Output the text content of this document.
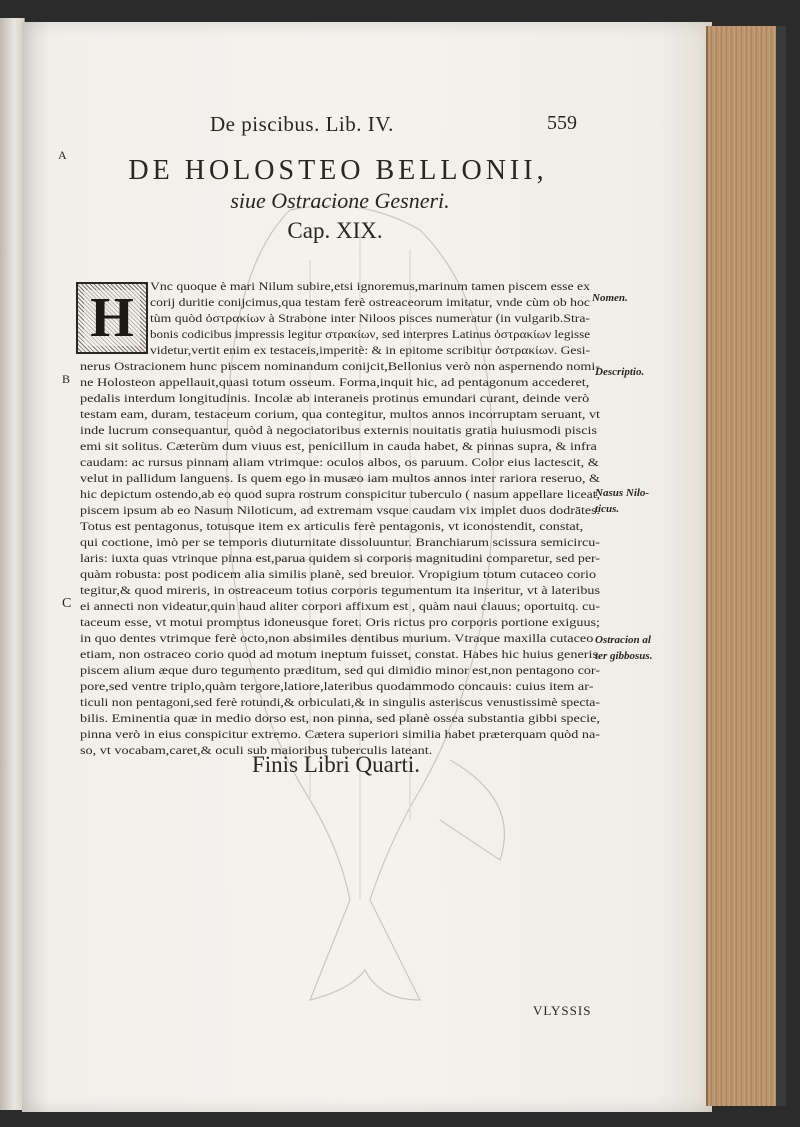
De piscibus. Lib. IV.	559
A
B
C
DE HOLOSTEO BELLONII,
siue Ostracione Gesneri.
Cap. XIX.
H	Vnc quoque è mari Nilum subire,etsi ignoremus,marinum tamen piscem esse ex
corij duritie conijcimus,qua testam ferè ostreaceorum imitatur, vnde cùm ob hoc
tùm quòd ὀστρακίων à Strabone inter Niloos pisces numeratur (in vulgarib.Stra-
bonis codicibus impressis legitur στρακίων, sed interpres Latinus ὀστρακίων legisse
videtur,vertit enim ex testaceis,imperitè: & in epitome scribitur ὀστρακίων. Gesi-
nerus Ostracionem hunc piscem nominandum conijcit,Bellonius verò non aspernendo nomi-
ne Holosteon appellauit,quasi totum osseum. Forma,inquit hic, ad pentagonum accederet,
pedalis interdum longitudinis. Incolæ ab interaneis protinus emundari curant, deinde verò
testam eam, duram, testaceum corium, qua contegitur, multos annos incorruptam seruant, vt
inde lucrum consequantur, quòd à negociatoribus externis nouitatis gratia huiusmodi piscis
emi sit solitus. Cæterùm dum viuus est, penicillum in cauda habet, & pinnas supra, & infra
caudam: ac rursus pinnam aliam vtrimque: oculos albos, os paruum. Color eius lactescit, &
velut in pallidum languens. Is quem ego in musæo iam multos annos inter rariora reseruo, &
hic depictum ostendo,ab eo quod supra rostrum conspicitur tuberculo ( nasum appellare liceat,
piscem ipsum ab eo Nasum Niloticum, ad extremam vsque caudam vix implet duos dodrātes.
Totus est pentagonus, totusque item ex articulis ferè pentagonis, vt iconostendit, constat,
qui coctione, imò per se temporis diuturnitate dissoluuntur. Branchiarum scissura semicircu-
laris: iuxta quas vtrinque pinna est,parua quidem si corporis magnitudini comparetur, sed per-
quàm robusta: post podicem alia similis planè, sed breuior. Vropigium totum cutaceo corio
tegitur,& quod mireris, in ostreaceum totius corporis tegumentum ita inseritur, vt à lateribus
ei annecti non videatur,quin haud aliter corpori affixum est , quàm naui clauus; oportuitq. cu-
taceum esse, vt motui promptus idoneusque foret. Oris rictus pro corporis portione exiguus;
in quo dentes vtrimque ferè octo,non absimiles dentibus murium. Vtraque maxilla cutaceo
etiam, non ostraceo corio quod ad motum ineptum fuisset, constat. Habes hic huius generis
piscem alium æque duro tegumento præditum, sed qui dimidio minor est,non pentagono cor-
pore,sed ventre triplo,quàm tergore,latiore,lateribus quodammodo concauis: cuius item ar-
ticuli non pentagoni,sed ferè rotundi,& orbiculati,& in singulis asteriscus venustissimè specta-
bilis. Eminentia quæ in medio dorso est, non pinna, sed planè ossea substantia gibbi specie,
pinna verò in eius conspicitur extremo. Cætera superiori similia habet præterquam quòd na-
so, vt vocabam,caret,& oculi sub maioribus tuberculis lateant.
Nomen.
Descriptio.
Nasus Nilo-
ticus.
Ostracion al
ter gibbosus.
Finis Libri Quarti.
VLYSSIS
